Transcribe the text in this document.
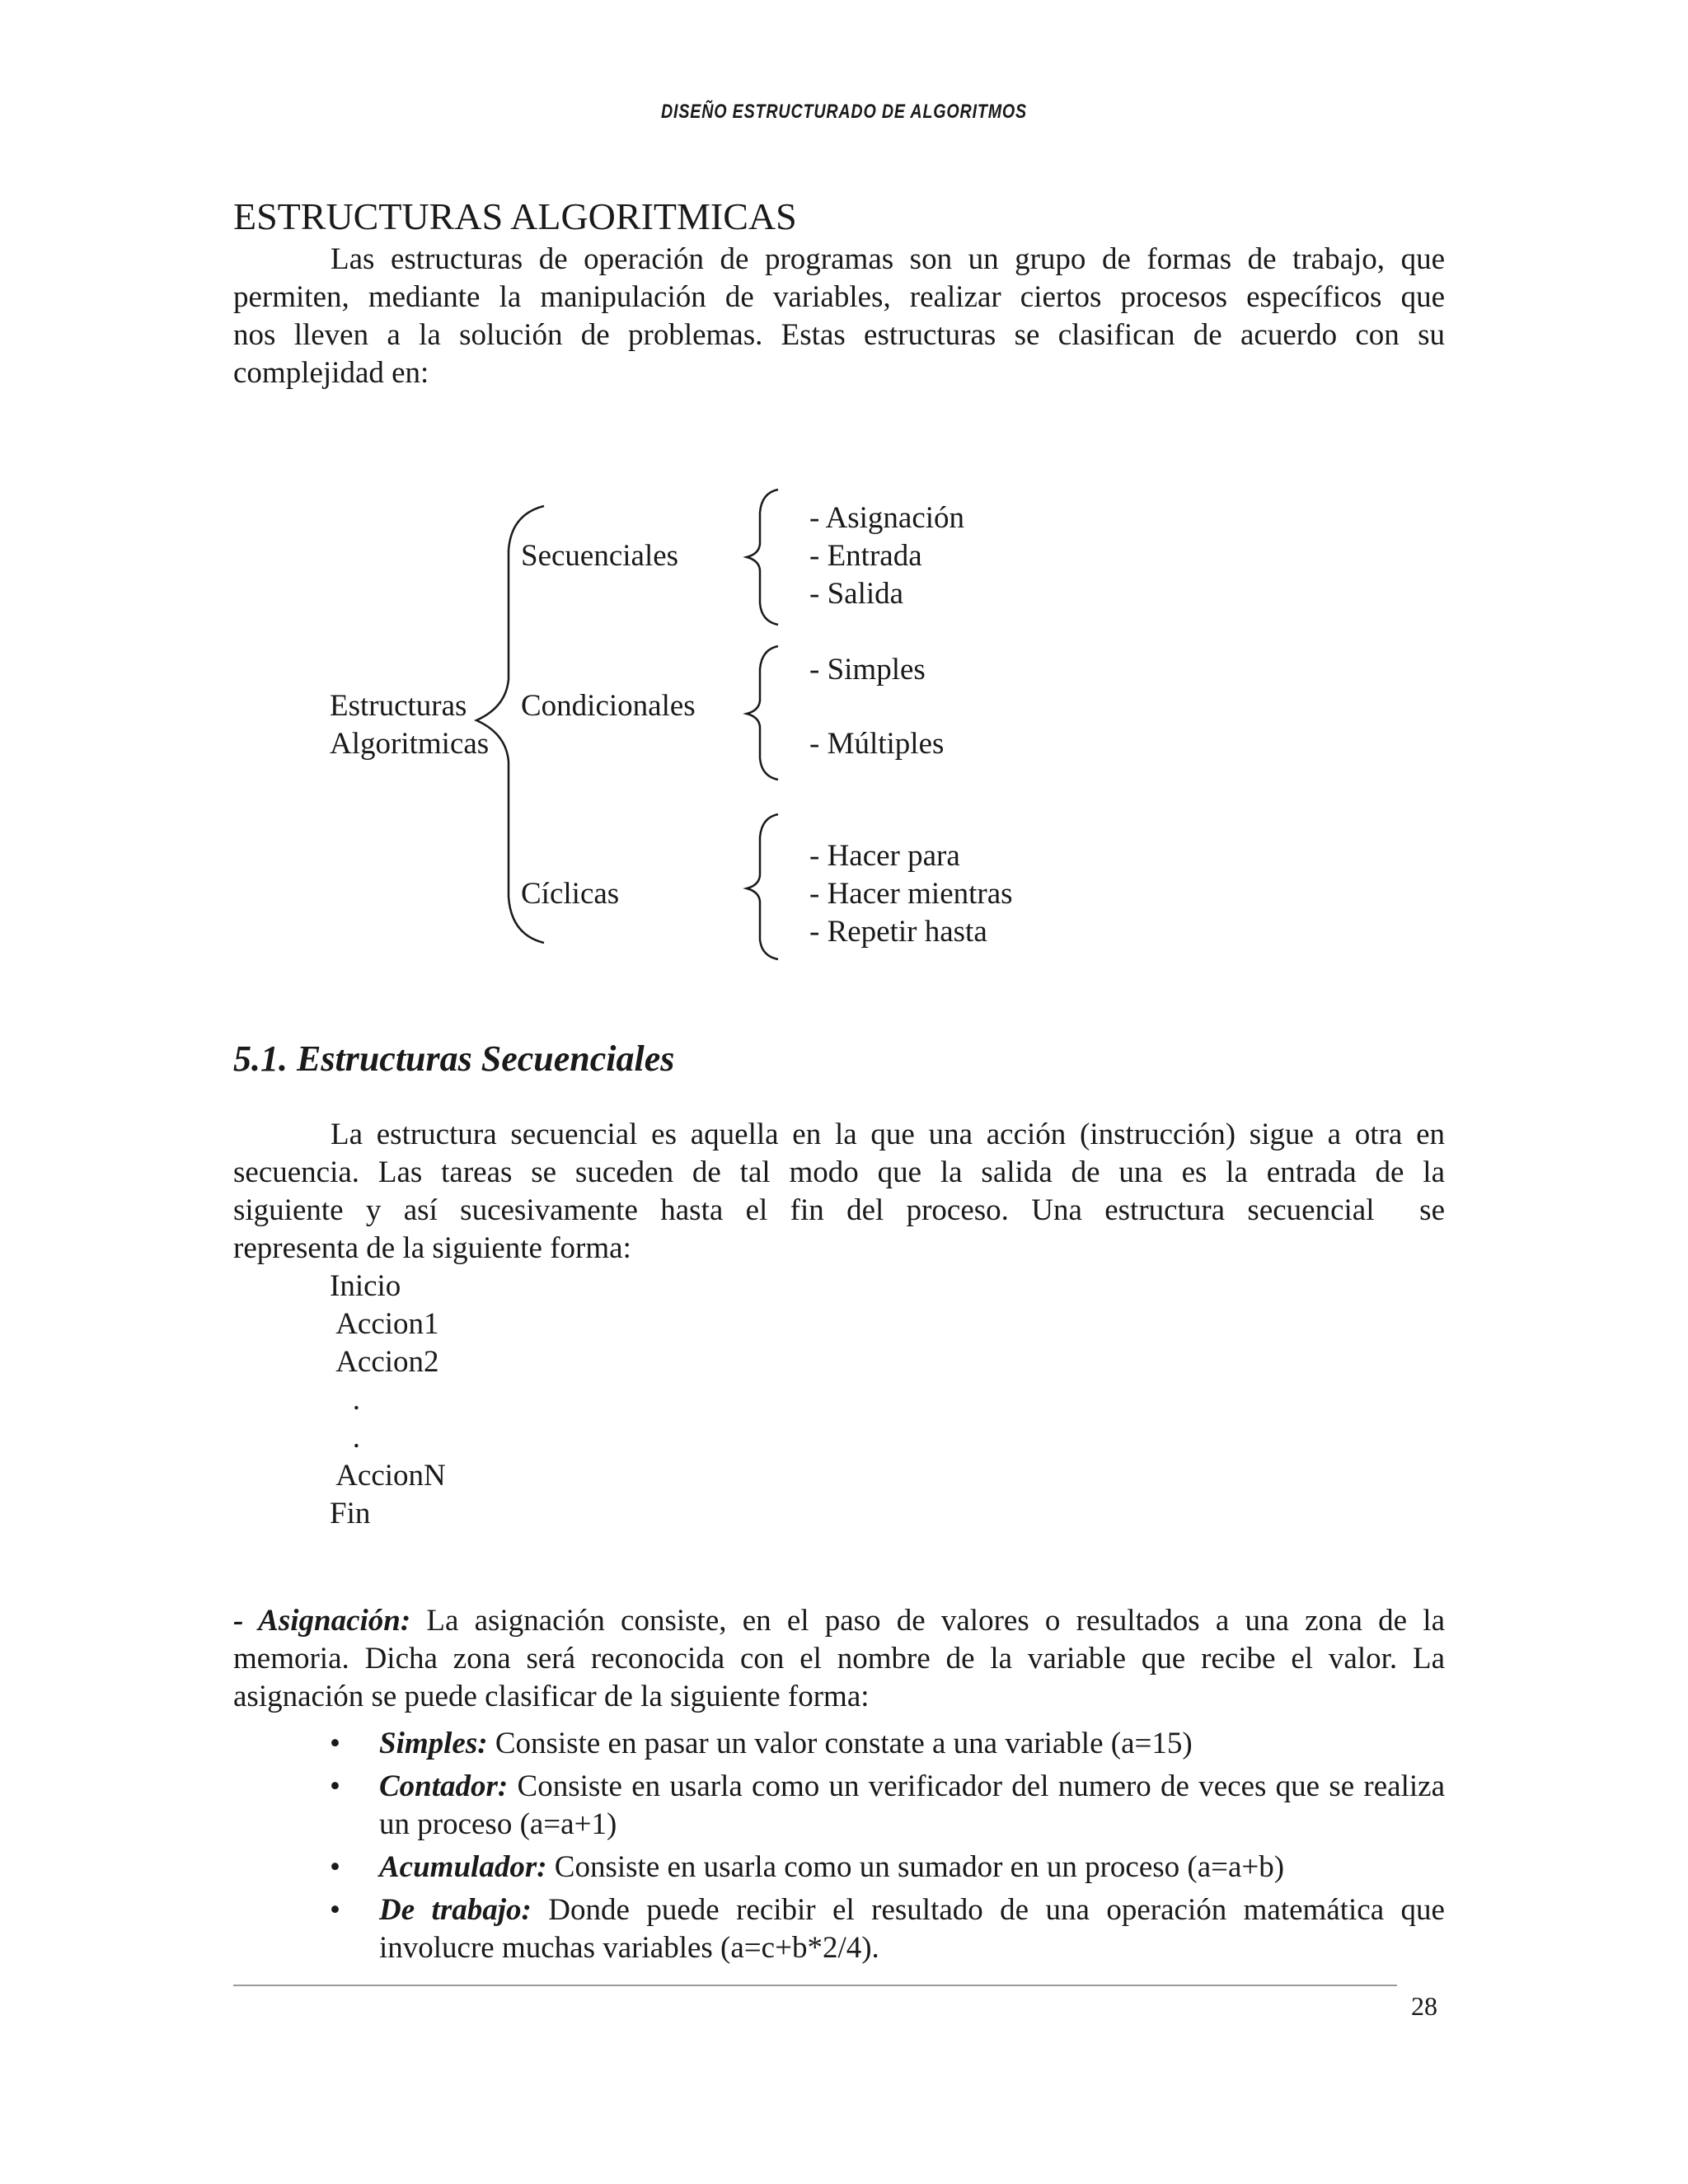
DISEÑO ESTRUCTURADO DE ALGORITMOS
ESTRUCTURAS ALGORITMICAS
Las estructuras de operación de programas son un grupo de formas de trabajo, que
permiten, mediante la manipulación de variables, realizar ciertos procesos específicos que
nos lleven a la solución de problemas. Estas estructuras se clasifican de acuerdo con su
complejidad en:
Estructuras
Algoritmicas
Secuenciales
Condicionales
Cíclicas
- Asignación
- Entrada
- Salida
- Simples
- Múltiples
- Hacer para
- Hacer mientras
- Repetir hasta
5.1. Estructuras Secuenciales
La estructura secuencial es aquella en la que una acción (instrucción) sigue a otra en
secuencia. Las tareas se suceden de tal modo que la salida de una es la entrada de la
siguiente y así sucesivamente hasta el fin del proceso. Una estructura secuencial  se
representa de la siguiente forma:
Inicio
Accion1
Accion2
.
.
AccionN
Fin
- Asignación: La asignación consiste, en el paso de valores o resultados a una zona de la
memoria. Dicha zona será reconocida con el nombre de la variable que recibe el valor. La
asignación se puede clasificar de la siguiente forma:
• Simples: Consiste en pasar un valor constate a una variable (a=15)
• Contador: Consiste en usarla como un verificador del numero de veces que se realiza un proceso (a=a+1)
• Acumulador: Consiste en usarla como un sumador en un proceso (a=a+b)
• De trabajo: Donde puede recibir el resultado de una operación matemática que involucre muchas variables (a=c+b*2/4).
28
